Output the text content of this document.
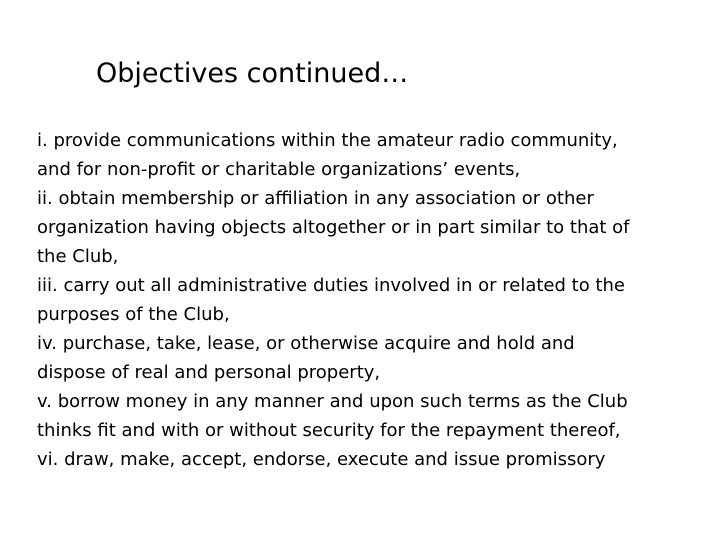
Objectives continued…
i. provide communications within the amateur radio community,
and for non-profit or charitable organizations’ events,
ii. obtain membership or affiliation in any association or other
organization having objects altogether or in part similar to that of
the Club,
iii. carry out all administrative duties involved in or related to the
purposes of the Club,
iv. purchase, take, lease, or otherwise acquire and hold and
dispose of real and personal property,
v. borrow money in any manner and upon such terms as the Club
thinks fit and with or without security for the repayment thereof,
vi. draw, make, accept, endorse, execute and issue promissory
